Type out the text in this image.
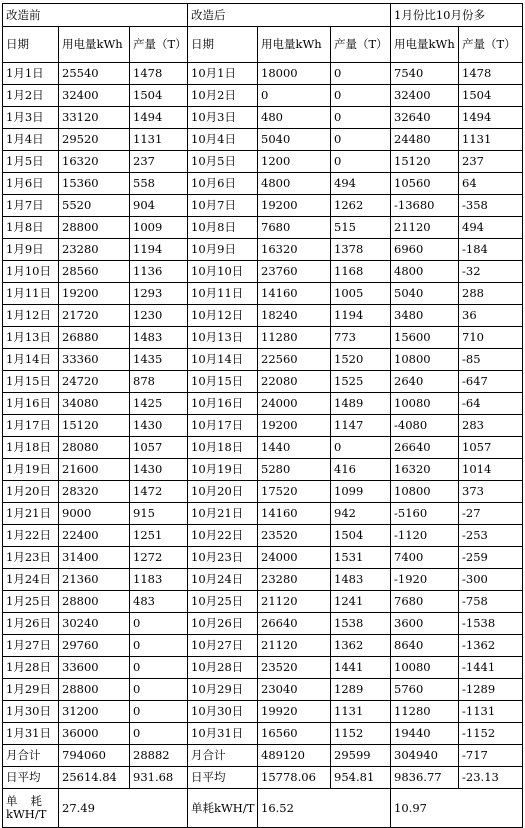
改造前			改造后			1月份比10月份多	
日期	用电量kWh	产量（T）	日期	用电量kWh	产量（T）	用电量kWh	产量（T）
1月1日	25540	1478	10月1日	18000	0	7540	1478
1月2日	32400	1504	10月2日	0	0	32400	1504
1月3日	33120	1494	10月3日	480	0	32640	1494
1月4日	29520	1131	10月4日	5040	0	24480	1131
1月5日	16320	237	10月5日	1200	0	15120	237
1月6日	15360	558	10月6日	4800	494	10560	64
1月7日	5520	904	10月7日	19200	1262	-13680	-358
1月8日	28800	1009	10月8日	7680	515	21120	494
1月9日	23280	1194	10月9日	16320	1378	6960	-184
1月10日	28560	1136	10月10日	23760	1168	4800	-32
1月11日	19200	1293	10月11日	14160	1005	5040	288
1月12日	21720	1230	10月12日	18240	1194	3480	36
1月13日	26880	1483	10月13日	11280	773	15600	710
1月14日	33360	1435	10月14日	22560	1520	10800	-85
1月15日	24720	878	10月15日	22080	1525	2640	-647
1月16日	34080	1425	10月16日	24000	1489	10080	-64
1月17日	15120	1430	10月17日	19200	1147	-4080	283
1月18日	28080	1057	10月18日	1440	0	26640	1057
1月19日	21600	1430	10月19日	5280	416	16320	1014
1月20日	28320	1472	10月20日	17520	1099	10800	373
1月21日	9000	915	10月21日	14160	942	-5160	-27
1月22日	22400	1251	10月22日	23520	1504	-1120	-253
1月23日	31400	1272	10月23日	24000	1531	7400	-259
1月24日	21360	1183	10月24日	23280	1483	-1920	-300
1月25日	28800	483	10月25日	21120	1241	7680	-758
1月26日	30240	0	10月26日	26640	1538	3600	-1538
1月27日	29760	0	10月27日	21120	1362	8640	-1362
1月28日	33600	0	10月28日	23520	1441	10080	-1441
1月29日	28800	0	10月29日	23040	1289	5760	-1289
1月30日	31200	0	10月30日	19920	1131	11280	-1131
1月31日	36000	0	10月31日	16560	1152	19440	-1152
月合计	794060	28882	月合计	489120	29599	304940	-717
日平均	25614.84	931.68	日平均	15778.06	954.81	9836.77	-23.13

单耗
kWH/T	27.49		单耗kWH/T	16.52		10.97	
